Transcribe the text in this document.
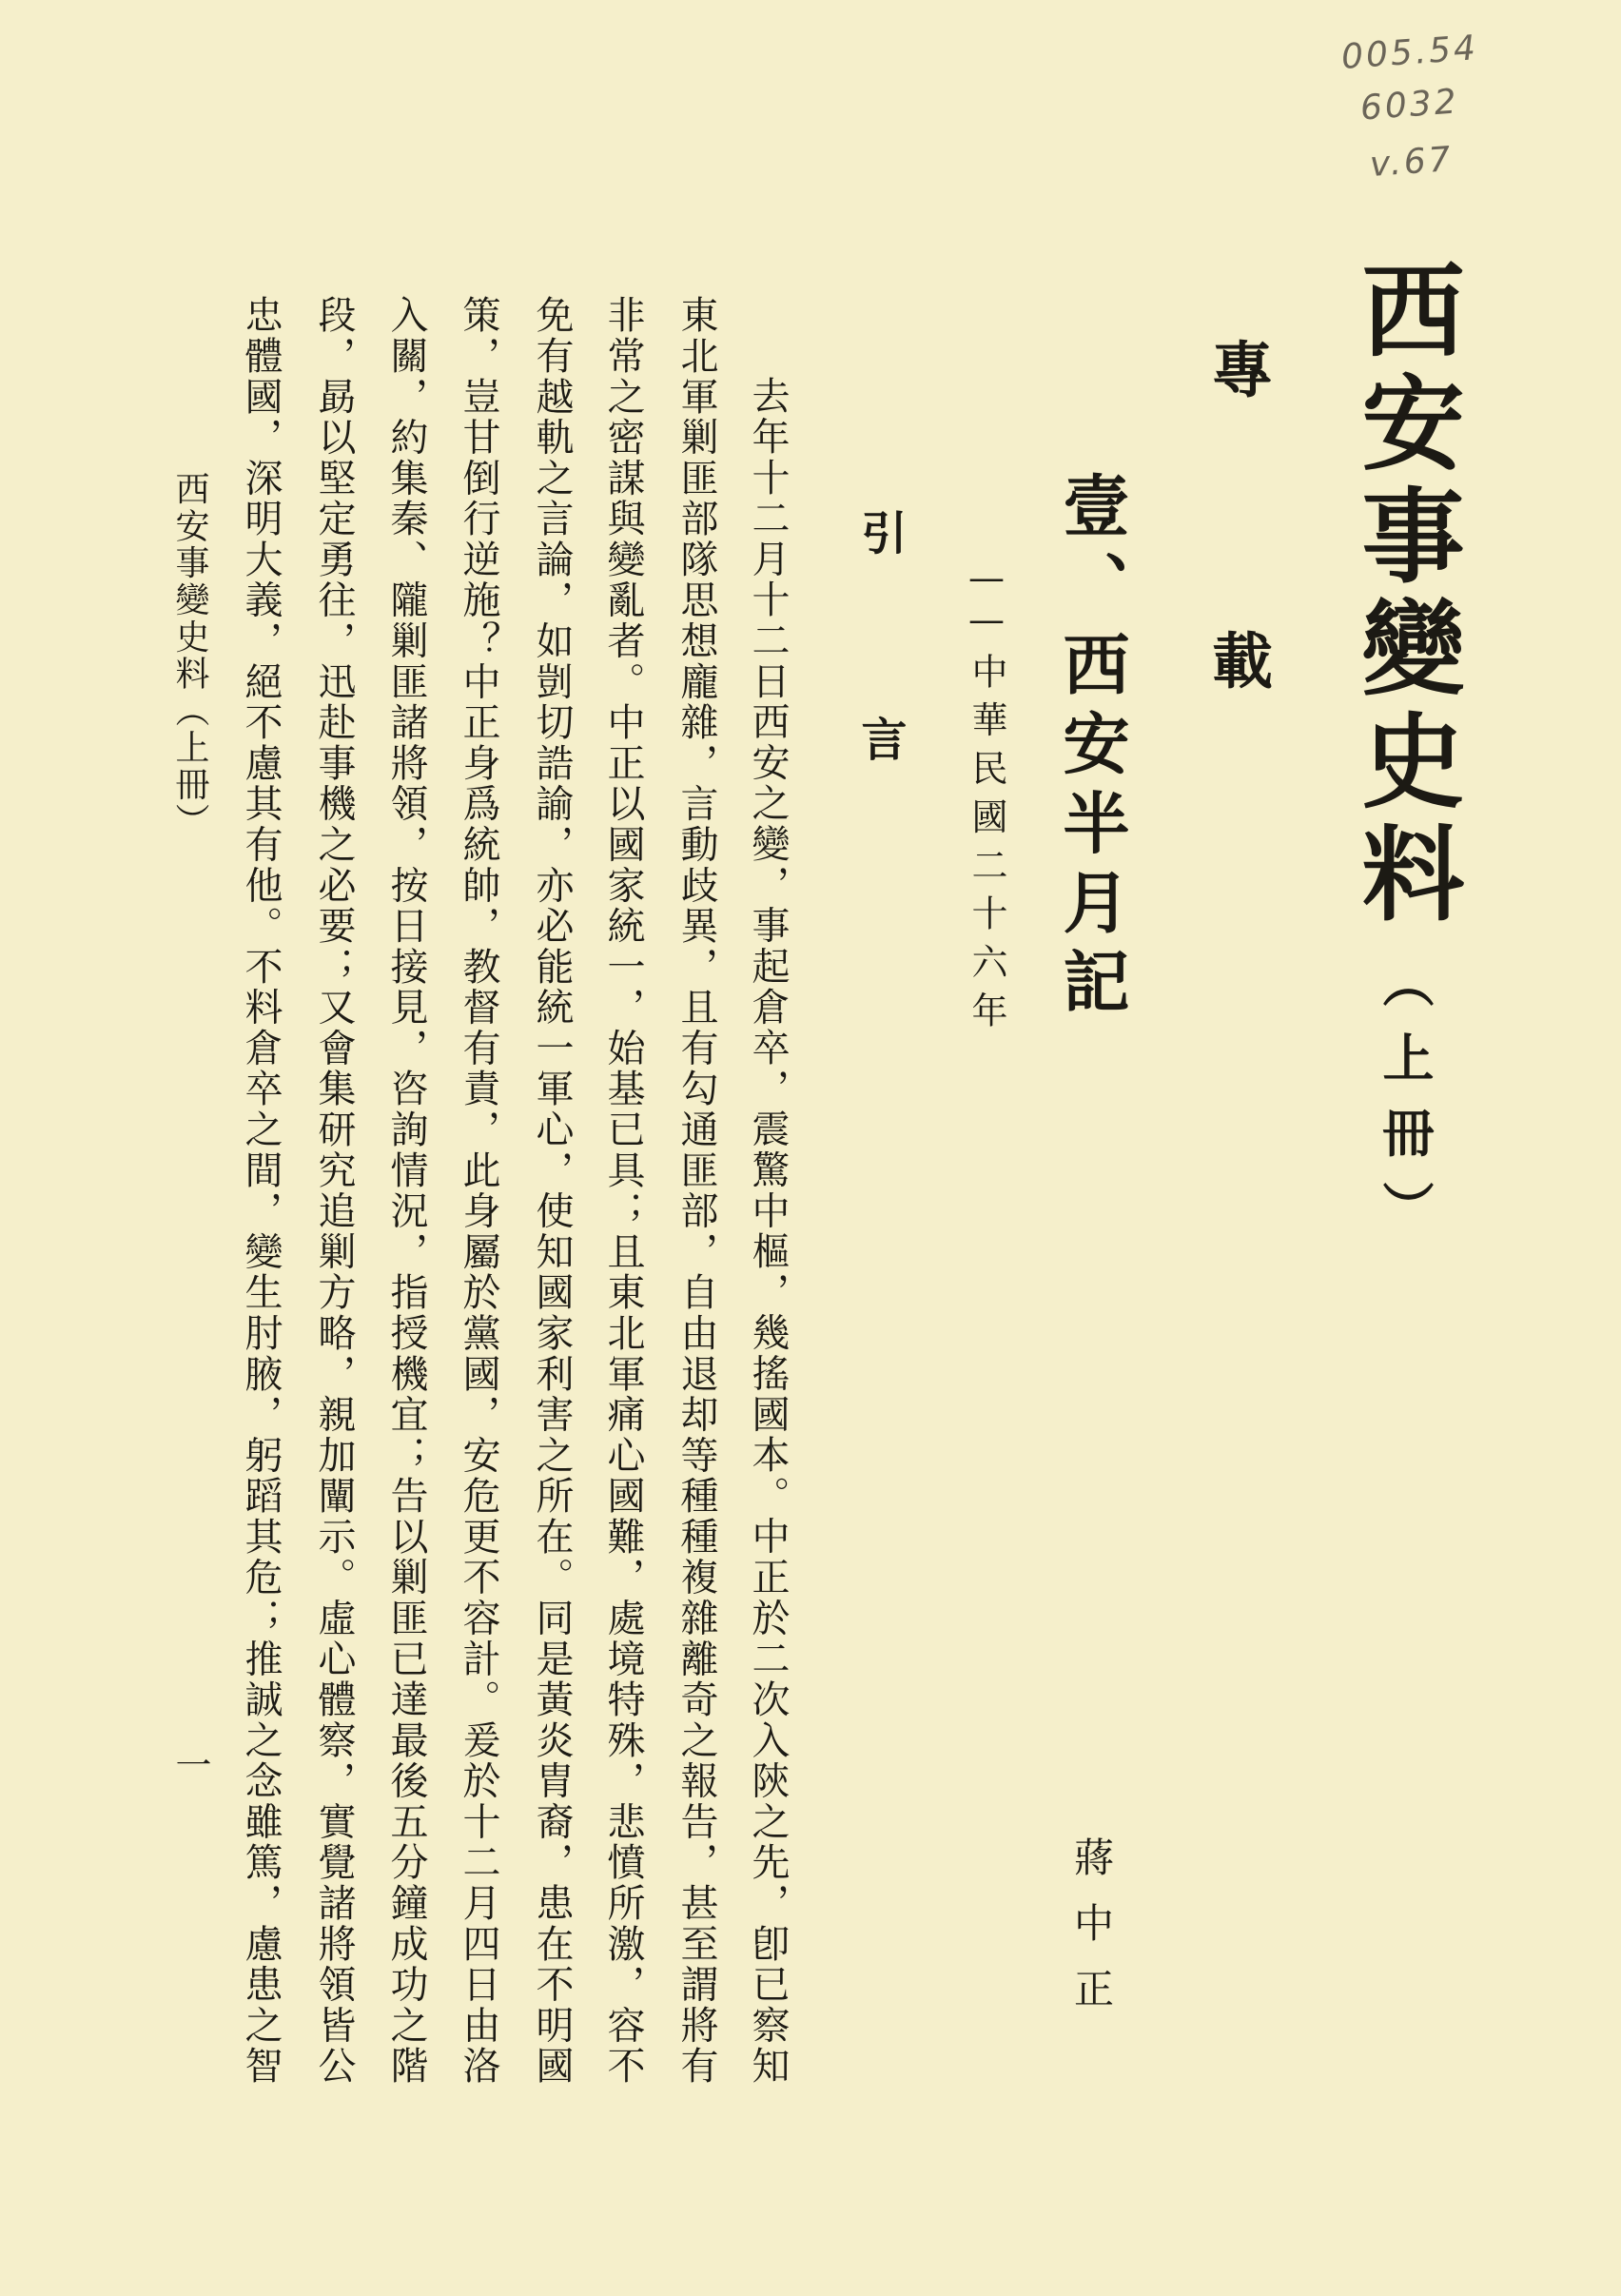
005.54
6032
v.67
西安事變史料
（上冊）
專載
壹、西安半月記
——中華民國二十六年
引言
蔣中正
去年十二月十二日西安之變，事起倉卒，震驚中樞，幾搖國本。中正於二次入陝之先，卽已察知
東北軍剿匪部隊思想龐雜，言動歧異，且有勾通匪部，自由退却等種種複雜離奇之報告，甚至謂將有
非常之密謀與變亂者。中正以國家統一，始基已具；且東北軍痛心國難，處境特殊，悲憤所激，容不
免有越軌之言論，如剴切誥諭，亦必能統一軍心，使知國家利害之所在。同是黃炎胄裔，患在不明國
策，豈甘倒行逆施？中正身爲統帥，教督有責，此身屬於黨國，安危更不容計。爰於十二月四日由洛
入關，約集秦、隴剿匪諸將領，按日接見，咨詢情況，指授機宜；告以剿匪已達最後五分鐘成功之階
段，勗以堅定勇往，迅赴事機之必要；又會集研究追剿方略，親加闡示。虛心體察，實覺諸將領皆公
忠體國，深明大義，絕不慮其有他。不料倉卒之間，變生肘腋，躬蹈其危；推誠之念雖篤，慮患之智
西安事變史料（上冊）
一
